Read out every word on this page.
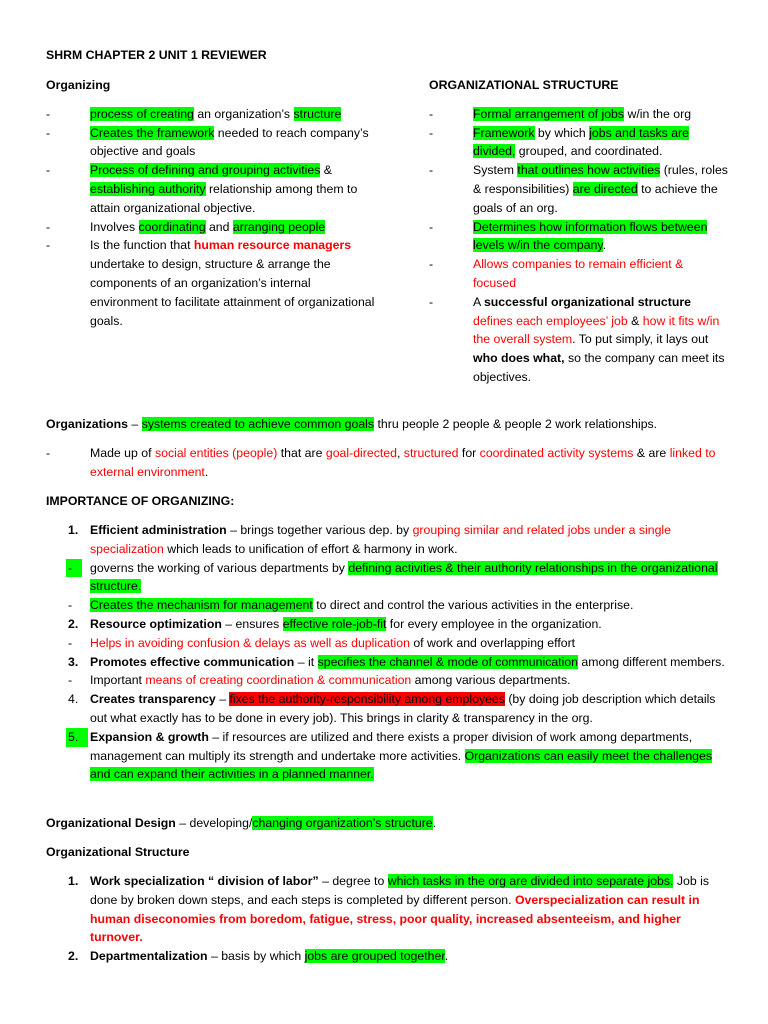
SHRM CHAPTER 2 UNIT 1 REVIEWER
Organizing
- process of creating an organization’s structure
- Creates the framework needed to reach company’s objective and goals
- Process of defining and grouping activities & establishing authority relationship among them to attain organizational objective.
- Involves coordinating and arranging people
- Is the function that human resource managers undertake to design, structure & arrange the components of an organization’s internal environment to facilitate attainment of organizational goals.
ORGANIZATIONAL STRUCTURE
- Formal arrangement of jobs w/in the org
- Framework by which jobs and tasks are divided, grouped, and coordinated.
- System that outlines how activities (rules, roles & responsibilities) are directed to achieve the goals of an org.
- Determines how information flows between levels w/in the company.
- Allows companies to remain efficient & focused
- A successful organizational structure defines each employees’ job & how it fits w/in the overall system. To put simply, it lays out who does what, so the company can meet its objectives.
Organizations – systems created to achieve common goals thru people 2 people & people 2 work relationships.
- Made up of social entities (people) that are goal-directed, structured for coordinated activity systems & are linked to external environment.
IMPORTANCE OF ORGANIZING:
1. Efficient administration – brings together various dep. by grouping similar and related jobs under a single specialization which leads to unification of effort & harmony in work.
-	governs the working of various departments by defining activities & their authority relationships in the organizational structure.
- Creates the mechanism for management to direct and control the various activities in the enterprise.
2. Resource optimization – ensures effective role-job-fit for every employee in the organization.
- Helps in avoiding confusion & delays as well as duplication of work and overlapping effort
3. Promotes effective communication – it specifies the channel & mode of communication among different members.
- Important means of creating coordination & communication among various departments.
4. Creates transparency – fixes the authority-responsibility among employees (by doing job description which details out what exactly has to be done in every job). This brings in clarity & transparency in the org.
5. Expansion & growth – if resources are utilized and there exists a proper division of work among departments, management can multiply its strength and undertake more activities. Organizations can easily meet the challenges and can expand their activities in a planned manner.
Organizational Design – developing/changing organization’s structure.
Organizational Structure
1. Work specialization “ division of labor” – degree to which tasks in the org are divided into separate jobs. Job is done by broken down steps, and each steps is completed by different person. Overspecialization can result in human diseconomies from boredom, fatigue, stress, poor quality, increased absenteeism, and higher turnover.
2. Departmentalization – basis by which jobs are grouped together.
